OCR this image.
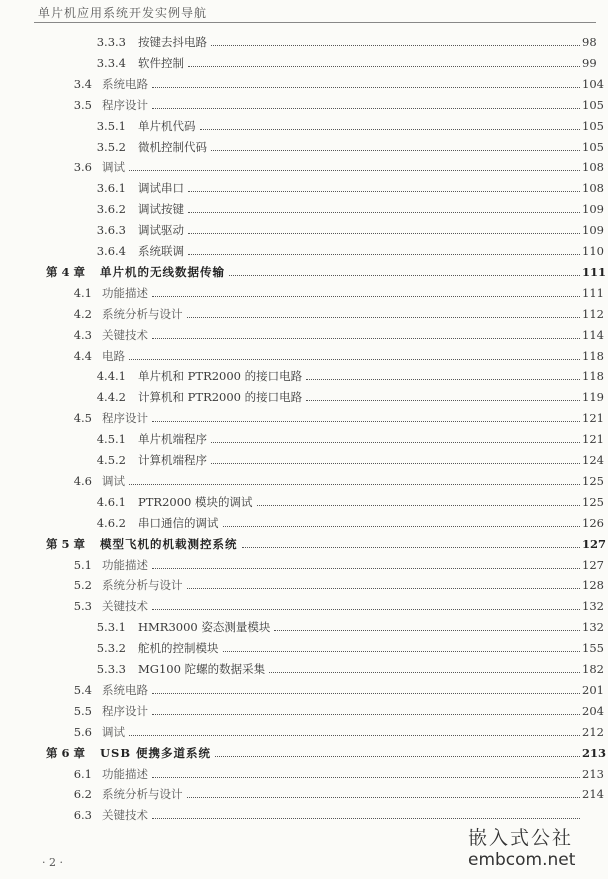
单片机应用系统开发实例导航
3.3.3 按键去抖电路	98
3.3.4 软件控制	99
3.4 系统电路	104
3.5 程序设计	105
3.5.1 单片机代码	105
3.5.2 微机控制代码	105
3.6 调试	108
3.6.1 调试串口	108
3.6.2 调试按键	109
3.6.3 调试驱动	109
3.6.4 系统联调	110
第 4 章 单片机的无线数据传输	111
4.1 功能描述	111
4.2 系统分析与设计	112
4.3 关键技术	114
4.4 电路	118
4.4.1 单片机和 PTR2000 的接口电路	118
4.4.2 计算机和 PTR2000 的接口电路	119
4.5 程序设计	121
4.5.1 单片机端程序	121
4.5.2 计算机端程序	124
4.6 调试	125
4.6.1 PTR2000 模块的调试	125
4.6.2 串口通信的调试	126
第 5 章 模型飞机的机载测控系统	127
5.1 功能描述	127
5.2 系统分析与设计	128
5.3 关键技术	132
5.3.1 HMR3000 姿态测量模块	132
5.3.2 舵机的控制模块	155
5.3.3 MG100 陀螺的数据采集	182
5.4 系统电路	201
5.5 程序设计	204
5.6 调试	212
第 6 章 USB 便携多道系统	213
6.1 功能描述	213
6.2 系统分析与设计	214
6.3 关键技术
· 2 ·
嵌入式公社
embcom.net
